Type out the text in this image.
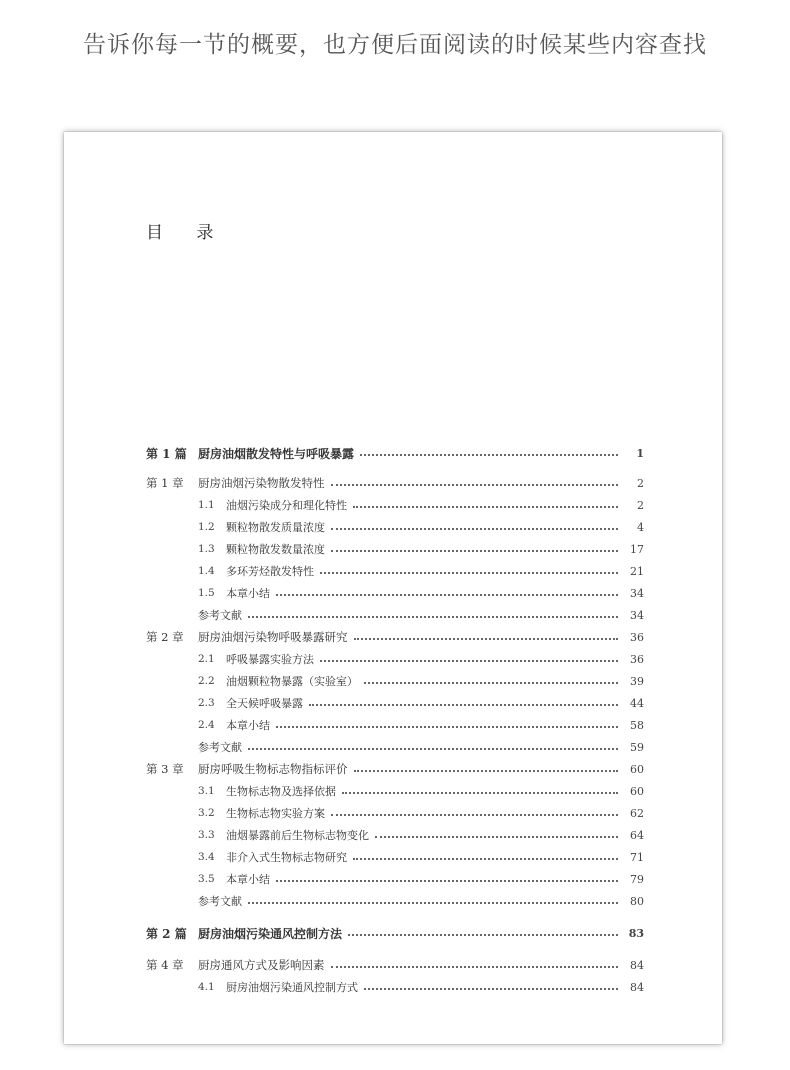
告诉你每一节的概要，也方便后面阅读的时候某些内容查找
目 录
第 1 篇 厨房油烟散发特性与呼吸暴露	1
第 1 章	厨房油烟污染物散发特性	2
1.1	油烟污染成分和理化特性	2
1.2	颗粒物散发质量浓度	4
1.3	颗粒物散发数量浓度	17
1.4	多环芳烃散发特性	21
1.5	本章小结	34
参考文献	34
第 2 章	厨房油烟污染物呼吸暴露研究	36
2.1	呼吸暴露实验方法	36
2.2	油烟颗粒物暴露（实验室）	39
2.3	全天候呼吸暴露	44
2.4	本章小结	58
参考文献	59
第 3 章	厨房呼吸生物标志物指标评价	60
3.1	生物标志物及选择依据	60
3.2	生物标志物实验方案	62
3.3	油烟暴露前后生物标志物变化	64
3.4	非介入式生物标志物研究	71
3.5	本章小结	79
参考文献	80
第 2 篇 厨房油烟污染通风控制方法	83
第 4 章	厨房通风方式及影响因素	84
4.1	厨房油烟污染通风控制方式	84
